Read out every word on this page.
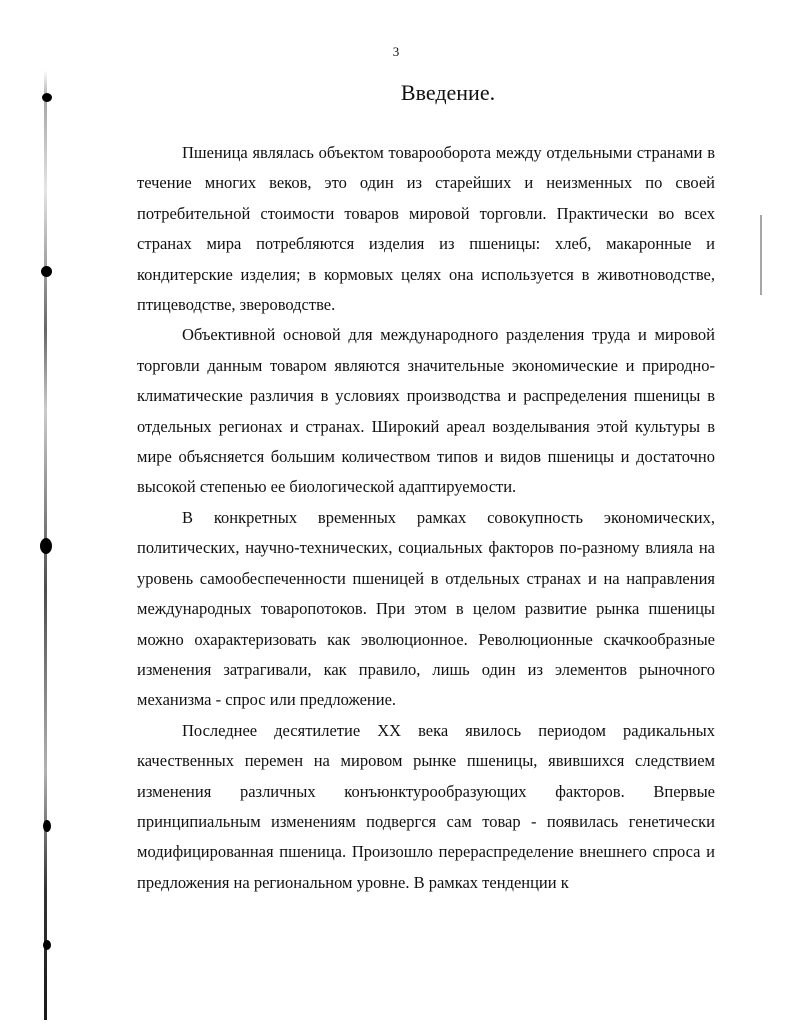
3
Введение.

Пшеница являлась объектом товарооборота между отдельными странами в течение многих веков, это один из старейших и неизменных по своей потребительной стоимости товаров мировой торговли. Практически во всех странах мира потребляются изделия из пшеницы: хлеб, макаронные и кондитерские изделия; в кормовых целях она используется в животноводстве, птицеводстве, звероводстве.

Объективной основой для международного разделения труда и мировой торговли данным товаром являются значительные экономические и природно-климатические различия в условиях производства и распределения пшеницы в отдельных регионах и странах. Широкий ареал возделывания этой культуры в мире объясняется большим количеством типов и видов пшеницы и достаточно высокой степенью ее биологической адаптируемости.

В конкретных временных рамках совокупность экономических, политических, научно-технических, социальных факторов по-разному влияла на уровень самообеспеченности пшеницей в отдельных странах и на направления международных товаропотоков. При этом в целом развитие рынка пшеницы можно охарактеризовать как эволюционное. Революционные скачкообразные изменения затрагивали, как правило, лишь один из элементов рыночного механизма - спрос или предложение.

Последнее десятилетие XX века явилось периодом радикальных качественных перемен на мировом рынке пшеницы, явившихся следствием изменения различных конъюнктурообразующих факторов. Впервые принципиальным изменениям подвергся сам товар - появилась генетически модифицированная пшеница. Произошло перераспределение внешнего спроса и предложения на региональном уровне. В рамках тенденции к
